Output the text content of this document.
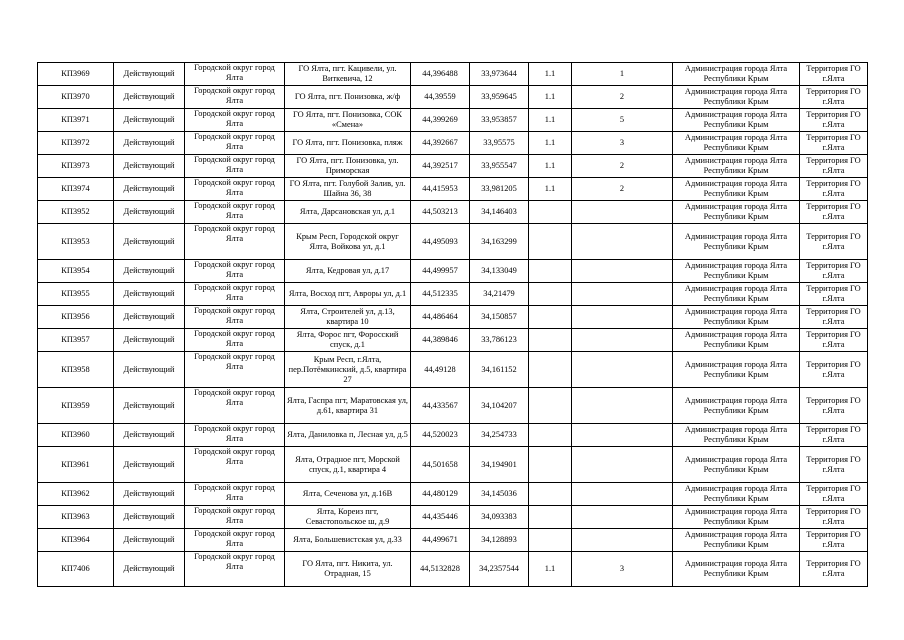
КП3969	Действующий	Городской округ город Ялта	ГО Ялта, пгт. Кацивели, ул. Виткевича, 12	44,396488	33,973644	1.1	1	Администрация города Ялта Республики Крым	Территория ГО г.Ялта
КП3970	Действующий	Городской округ город Ялта	ГО Ялта, пгт. Понизовка, ж/ф	44,39559	33,959645	1.1	2	Администрация города Ялта Республики Крым	Территория ГО г.Ялта
КП3971	Действующий	Городской округ город Ялта	ГО Ялта, пгт. Понизовка, СОК «Смена»	44,399269	33,953857	1.1	5	Администрация города Ялта Республики Крым	Территория ГО г.Ялта
КП3972	Действующий	Городской округ город Ялта	ГО Ялта, пгт. Понизовка, пляж	44,392667	33,95575	1.1	3	Администрация города Ялта Республики Крым	Территория ГО г.Ялта
КП3973	Действующий	Городской округ город Ялта	ГО Ялта, пгт. Понизовка, ул. Приморская	44,392517	33,955547	1.1	2	Администрация города Ялта Республики Крым	Территория ГО г.Ялта
КП3974	Действующий	Городской округ город Ялта	ГО Ялта, пгт. Голубой Залив, ул. Шайна 36, 38	44,415953	33,981205	1.1	2	Администрация города Ялта Республики Крым	Территория ГО г.Ялта
КП3952	Действующий	Городской округ город Ялта	Ялта, Дарсановская ул, д.1	44,503213	34,146403			Администрация города Ялта Республики Крым	Территория ГО г.Ялта
КП3953	Действующий	Городской округ город Ялта	Крым Респ, Городской округ Ялта, Войкова ул, д.1	44,495093	34,163299			Администрация города Ялта Республики Крым	Территория ГО г.Ялта
КП3954	Действующий	Городской округ город Ялта	Ялта, Кедровая ул, д.17	44,499957	34,133049			Администрация города Ялта Республики Крым	Территория ГО г.Ялта
КП3955	Действующий	Городской округ город Ялта	Ялта, Восход пгт, Авроры ул, д.1	44,512335	34,21479			Администрация города Ялта Республики Крым	Территория ГО г.Ялта
КП3956	Действующий	Городской округ город Ялта	Ялта, Строителей ул, д.13, квартира 10	44,486464	34,150857			Администрация города Ялта Республики Крым	Территория ГО г.Ялта
КП3957	Действующий	Городской округ город Ялта	Ялта, Форос пгт, Форосский спуск, д.1	44,389846	33,786123			Администрация города Ялта Республики Крым	Территория ГО г.Ялта
КП3958	Действующий	Городской округ город Ялта	Крым Респ, г.Ялта, пер.Потёмкинский, д.5, квартира 27	44,49128	34,161152			Администрация города Ялта Республики Крым	Территория ГО г.Ялта
КП3959	Действующий	Городской округ город Ялта	Ялта, Гаспра пгт, Маратовская ул, д.61, квартира 31	44,433567	34,104207			Администрация города Ялта Республики Крым	Территория ГО г.Ялта
КП3960	Действующий	Городской округ город Ялта	Ялта, Даниловка п, Лесная ул, д.5	44,520023	34,254733			Администрация города Ялта Республики Крым	Территория ГО г.Ялта
КП3961	Действующий	Городской округ город Ялта	Ялта, Отрадное пгт, Морской спуск, д.1, квартира 4	44,501658	34,194901			Администрация города Ялта Республики Крым	Территория ГО г.Ялта
КП3962	Действующий	Городской округ город Ялта	Ялта, Сеченова ул, д.16В	44,480129	34,145036			Администрация города Ялта Республики Крым	Территория ГО г.Ялта
КП3963	Действующий	Городской округ город Ялта	Ялта, Кореиз пгт, Севастопольское ш, д.9	44,435446	34,093383			Администрация города Ялта Республики Крым	Территория ГО г.Ялта
КП3964	Действующий	Городской округ город Ялта	Ялта, Большевистская ул, д.33	44,499671	34,128893			Администрация города Ялта Республики Крым	Территория ГО г.Ялта
КП7406	Действующий	Городской округ город Ялта	ГО Ялта, пгт. Никита, ул. Отрадная, 15	44,5132828	34,2357544	1.1	3	Администрация города Ялта Республики Крым	Территория ГО г.Ялта
